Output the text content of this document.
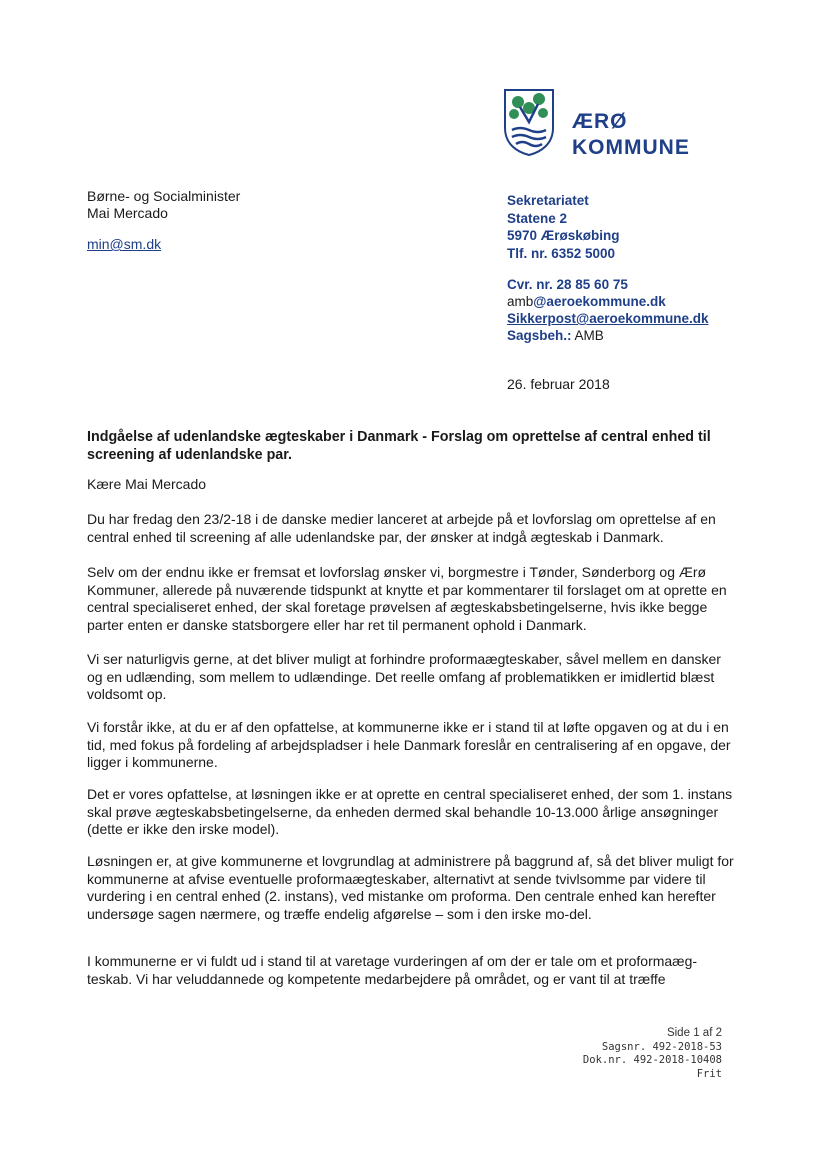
ÆRØ
KOMMUNE
Børne- og Socialminister
Mai Mercado
min@sm.dk
Sekretariatet
Statene 2
5970 Ærøskøbing
Tlf. nr. 6352 5000
Cvr. nr. 28 85 60 75
amb@aeroekommune.dk
Sikkerpost@aeroekommune.dk
Sagsbeh.: AMB
26. februar 2018
Indgåelse af udenlandske ægteskaber i Danmark - Forslag om oprettelse af central enhed til screening af udenlandske par.
Kære Mai Mercado
Du har fredag den 23/2-18 i de danske medier lanceret at arbejde på et lovforslag om oprettelse af en central enhed til screening af alle udenlandske par, der ønsker at indgå ægteskab i Danmark.
Selv om der endnu ikke er fremsat et lovforslag ønsker vi, borgmestre i Tønder, Sønderborg og Ærø Kommuner, allerede på nuværende tidspunkt at knytte et par kommentarer til forslaget om at oprette en central specialiseret enhed, der skal foretage prøvelsen af ægteskabsbetingelserne, hvis ikke begge parter enten er danske statsborgere eller har ret til permanent ophold i Danmark.
Vi ser naturligvis gerne, at det bliver muligt at forhindre proformaægteskaber, såvel mellem en dansker og en udlænding, som mellem to udlændinge. Det reelle omfang af problematikken er imidlertid blæst voldsomt op.
Vi forstår ikke, at du er af den opfattelse, at kommunerne ikke er i stand til at løfte opgaven og at du i en tid, med fokus på fordeling af arbejdspladser i hele Danmark foreslår en centralisering af en opgave, der ligger i kommunerne.
Det er vores opfattelse, at løsningen ikke er at oprette en central specialiseret enhed, der som 1. instans skal prøve ægteskabsbetingelserne, da enheden dermed skal behandle 10-13.000 årlige ansøgninger (dette er ikke den irske model).
Løsningen er, at give kommunerne et lovgrundlag at administrere på baggrund af, så det bliver muligt for kommunerne at afvise eventuelle proformaægteskaber, alternativt at sende tvivlsomme par videre til vurdering i en central enhed (2. instans), ved mistanke om proforma. Den centrale enhed kan herefter undersøge sagen nærmere, og træffe endelig afgørelse – som i den irske mo-del.
I kommunerne er vi fuldt ud i stand til at varetage vurderingen af om der er tale om et proformaæg-teskab. Vi har veluddannede og kompetente medarbejdere på området, og er vant til at træffe
Side 1 af 2
Sagsnr. 492-2018-53
Dok.nr. 492-2018-10408
Frit
